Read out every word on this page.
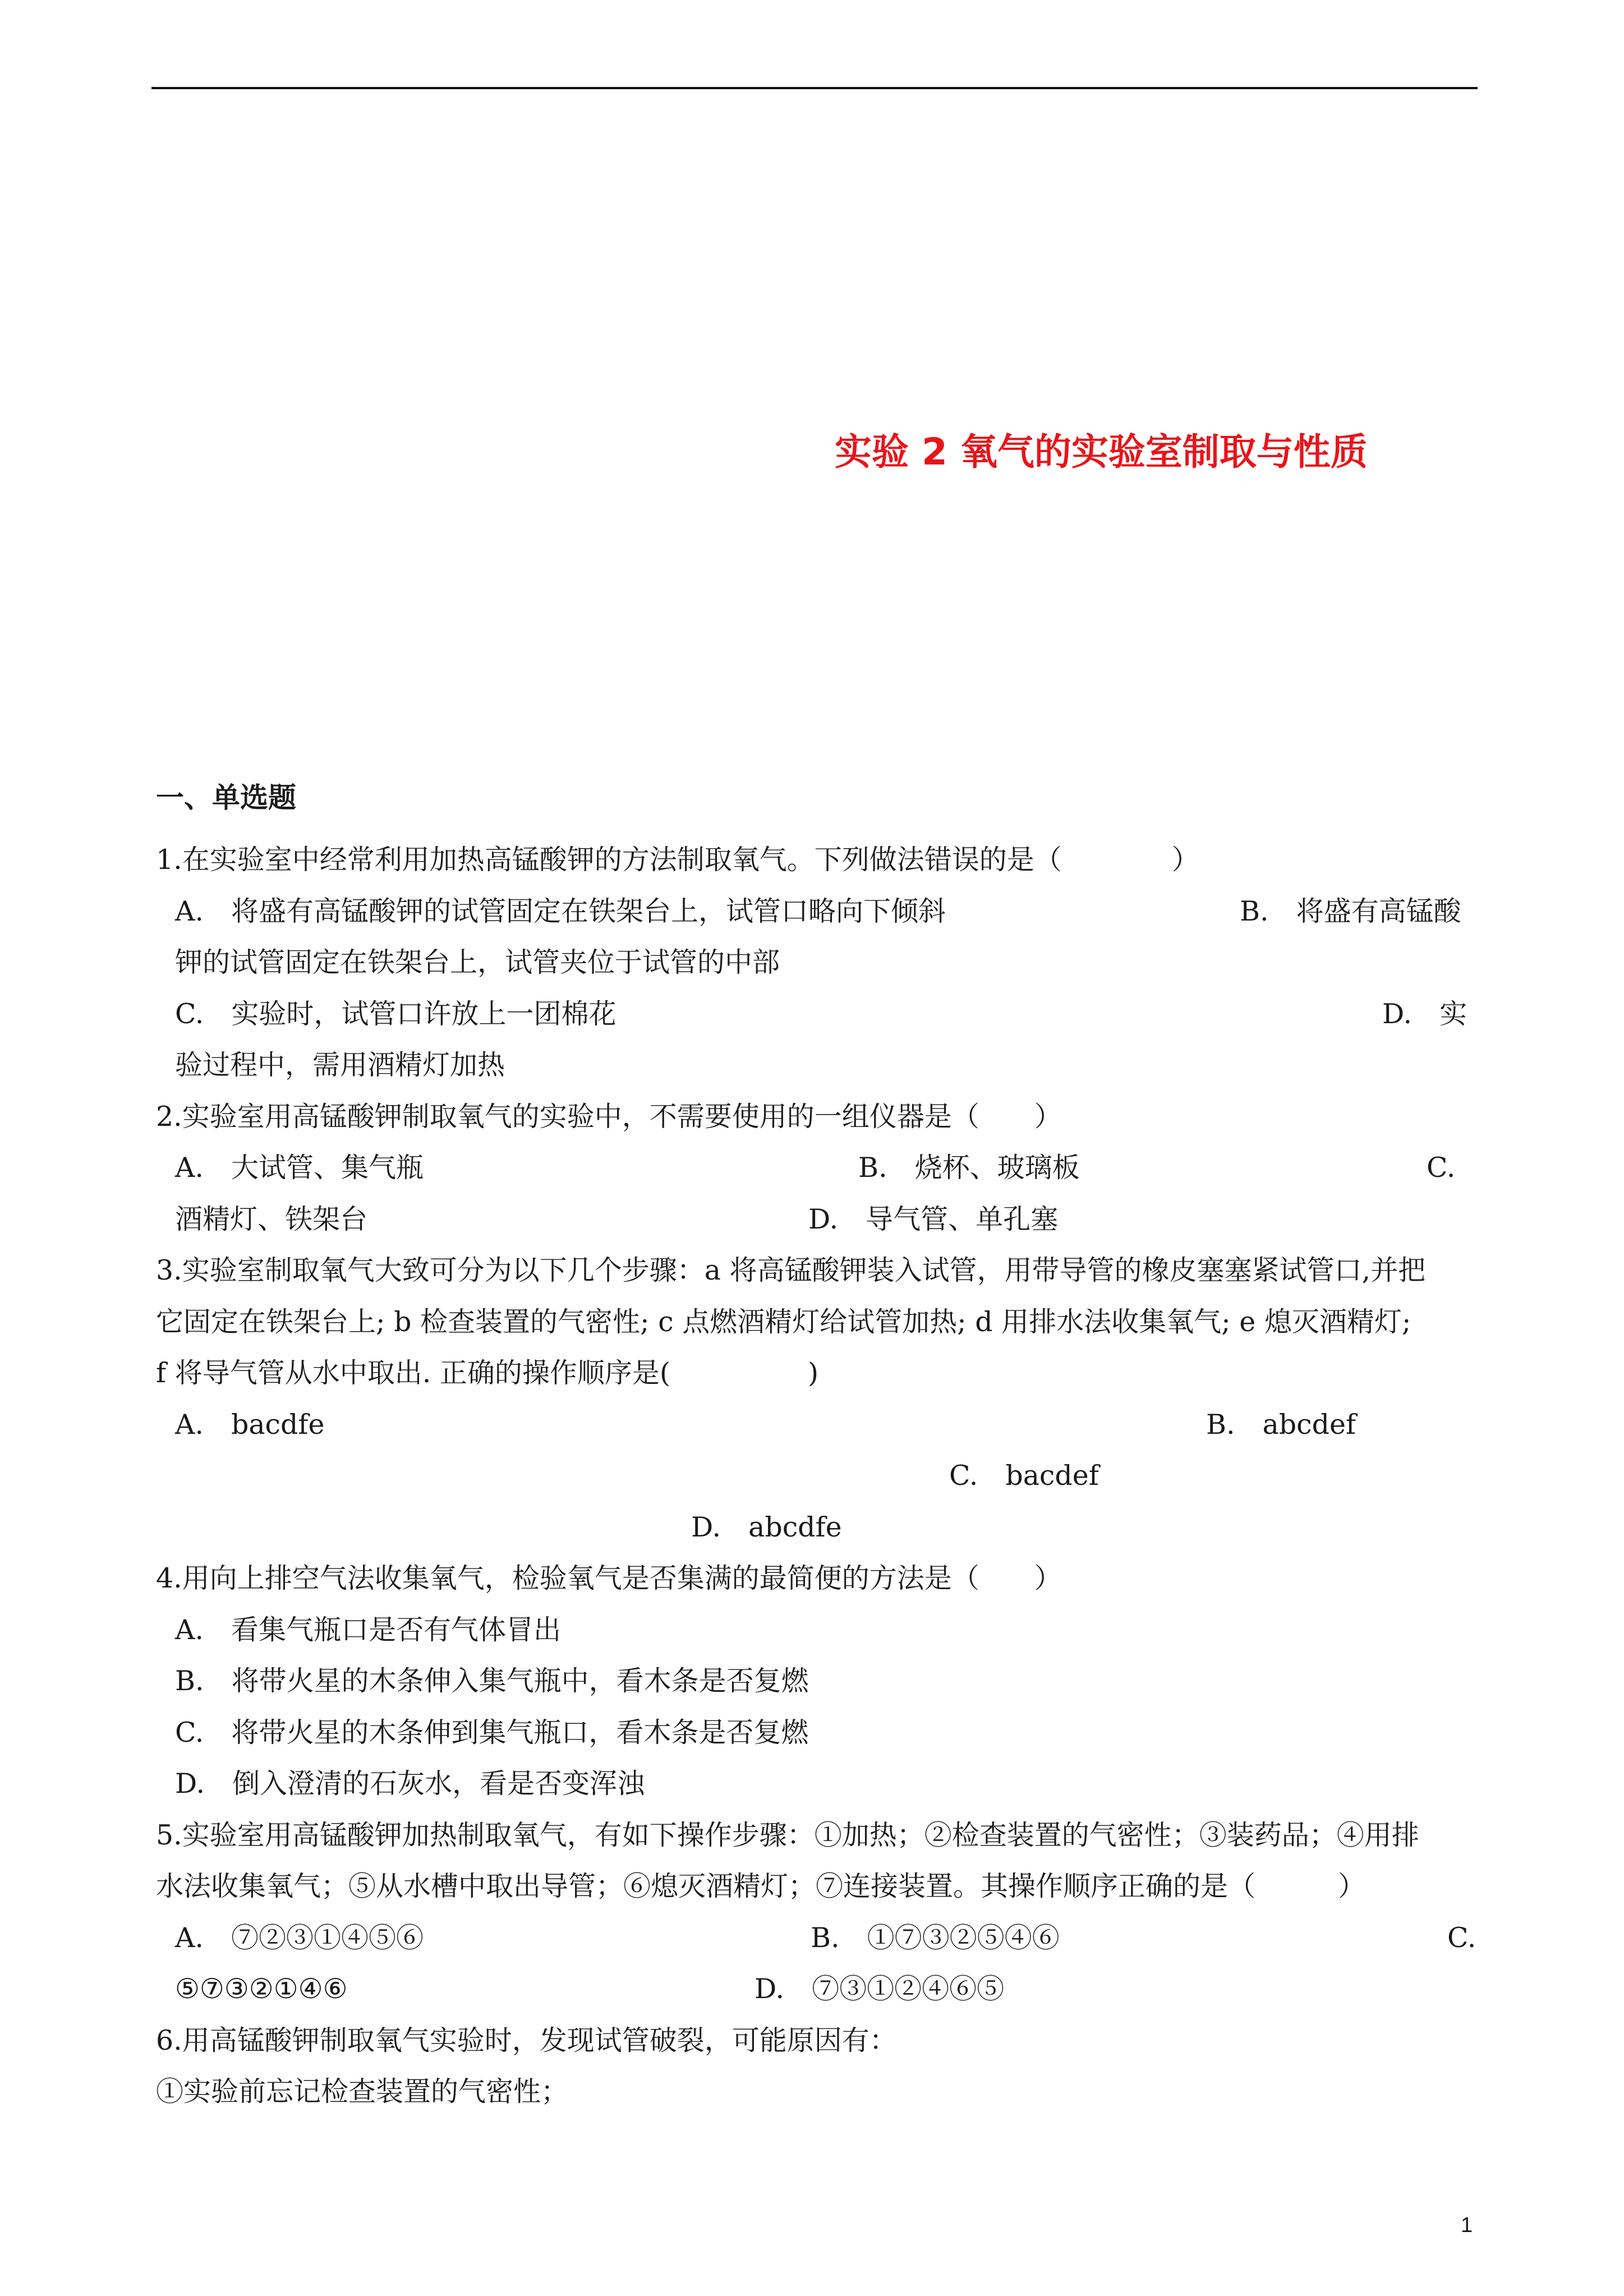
实验 2 氧气的实验室制取与性质
一、单选题
1.在实验室中经常利用加热高锰酸钾的方法制取氧气。下列做法错误的是（　　　　）
A.　将盛有高锰酸钾的试管固定在铁架台上，试管口略向下倾斜	B.　将盛有高锰酸
钾的试管固定在铁架台上，试管夹位于试管的中部
C.　实验时，试管口许放上一团棉花	D.　实
验过程中，需用酒精灯加热
2.实验室用高锰酸钾制取氧气的实验中，不需要使用的一组仪器是（　　）
A.　大试管、集气瓶	B.　烧杯、玻璃板	C.
酒精灯、铁架台	D.　导气管、单孔塞
3.实验室制取氧气大致可分为以下几个步骤：a 将高锰酸钾装入试管，用带导管的橡皮塞塞紧试管口,并把
它固定在铁架台上; b 检查装置的气密性; c 点燃酒精灯给试管加热; d 用排水法收集氧气; e 熄灭酒精灯;
f 将导气管从水中取出. 正确的操作顺序是(　　　　　)
A.　bacdfe	B.　abcdef
C.　bacdef
D.　abcdfe
4.用向上排空气法收集氧气，检验氧气是否集满的最简便的方法是（　　）
A.　看集气瓶口是否有气体冒出
B.　将带火星的木条伸入集气瓶中，看木条是否复燃
C.　将带火星的木条伸到集气瓶口，看木条是否复燃
D.　倒入澄清的石灰水，看是否变浑浊
5.实验室用高锰酸钾加热制取氧气，有如下操作步骤：①加热；②检查装置的气密性；③装药品；④用排
水法收集氧气；⑤从水槽中取出导管；⑥熄灭酒精灯；⑦连接装置。其操作顺序正确的是（　　　）
A.　⑦②③①④⑤⑥	B.　①⑦③②⑤④⑥	C.
⑤⑦③②①④⑥	D.　⑦③①②④⑥⑤
6.用高锰酸钾制取氧气实验时，发现试管破裂，可能原因有：
①实验前忘记检查装置的气密性；
1
